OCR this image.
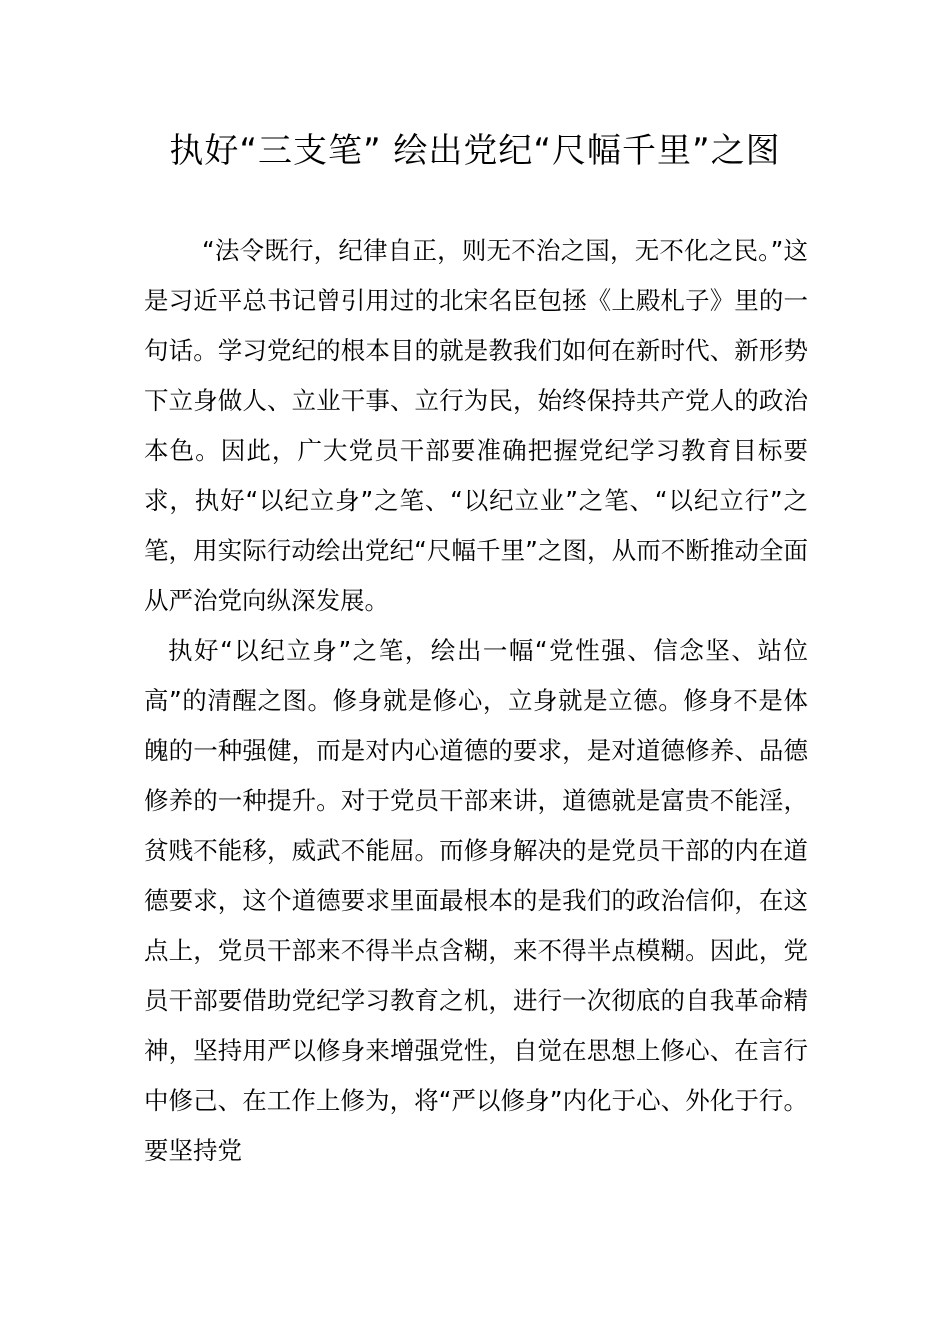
执好“三支笔” 绘出党纪“尺幅千里”之图

“法令既行，纪律自正，则无不治之国，无不化之民。”这是习近平总书记曾引用过的北宋名臣包拯《上殿札子》里的一句话。学习党纪的根本目的就是教我们如何在新时代、新形势下立身做人、立业干事、立行为民，始终保持共产党人的政治本色。因此，广大党员干部要准确把握党纪学习教育目标要求，执好“以纪立身”之笔、“以纪立业”之笔、“以纪立行”之笔，用实际行动绘出党纪“尺幅千里”之图，从而不断推动全面从严治党向纵深发展。

执好“以纪立身”之笔，绘出一幅“党性强、信念坚、站位高”的清醒之图。修身就是修心，立身就是立德。修身不是体魄的一种强健，而是对内心道德的要求，是对道德修养、品德修养的一种提升。对于党员干部来讲，道德就是富贵不能淫，贫贱不能移，威武不能屈。而修身解决的是党员干部的内在道德要求，这个道德要求里面最根本的是我们的政治信仰，在这点上，党员干部来不得半点含糊，来不得半点模糊。因此，党员干部要借助党纪学习教育之机，进行一次彻底的自我革命精神，坚持用严以修身来增强党性，自觉在思想上修心、在言行中修己、在工作上修为，将“严以修身”内化于心、外化于行。要坚持党
